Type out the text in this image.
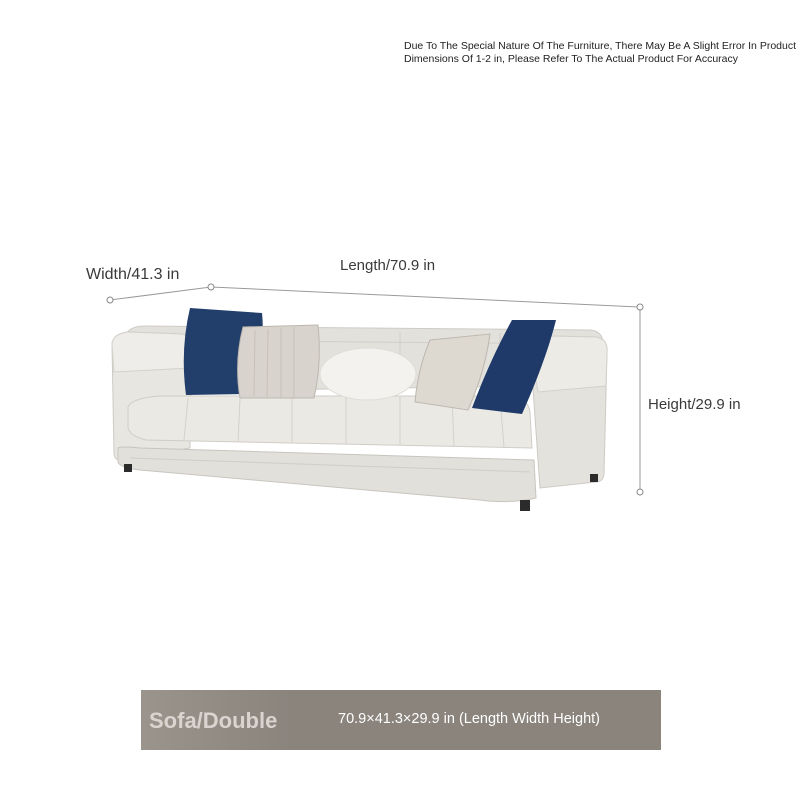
Due To The Special Nature Of The Furniture, There May Be A Slight Error In Product Dimensions Of 1-2 in, Please Refer To The Actual Product For Accuracy
Width/41.3 in
Length/70.9 in
Height/29.9 in
Sofa/Double	70.9×41.3×29.9 in (Length Width Height)
